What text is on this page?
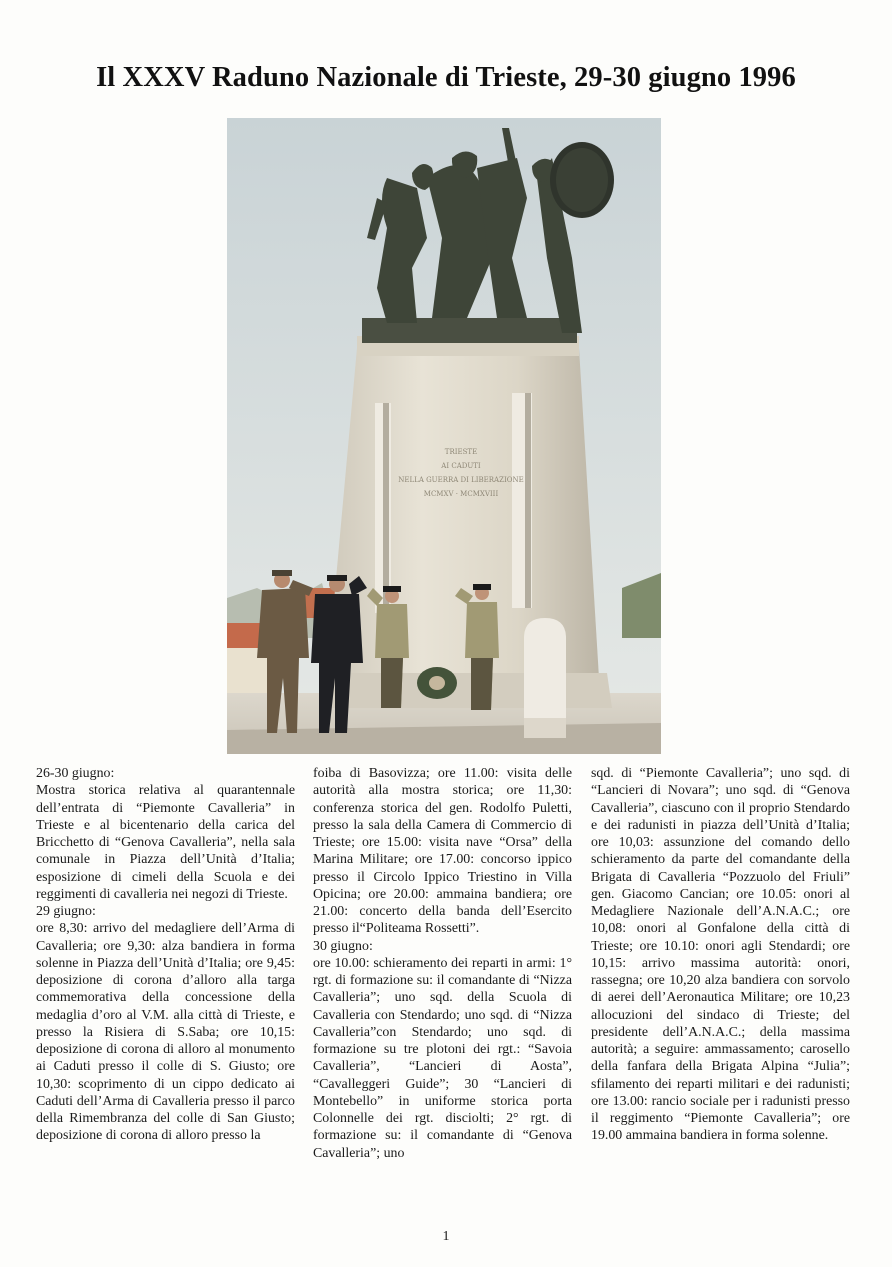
Il XXXV Raduno Nazionale di Trieste, 29-30 giugno 1996
TRIESTE
AI CADUTI
NELLA GUERRA DI LIBERAZIONE
MCMXV · MCMXVIII

26-30 giugno:

Mostra storica relativa al quarantennale dell’entrata di “Piemonte Cavalleria” in Trieste e al bicentenario della carica del Bricchetto di “Genova Cavalleria”, nella sala comunale in Piazza dell’Unità d’Italia; esposizione di cimeli della Scuola e dei reggimenti di cavalleria nei negozi di Trieste.

29 giugno:

ore 8,30: arrivo del medagliere dell’Arma di Cavalleria; ore 9,30: alza bandiera in forma solenne in Piazza dell’Unità d’Italia; ore 9,45: deposizione di corona d’alloro alla targa commemorativa della concessione della medaglia d’oro al V.M. alla città di Trieste, e presso la Risiera di S.Saba; ore 10,15: deposizione di corona di alloro al monumento ai Caduti presso il colle di S. Giusto; ore 10,30: scoprimento di un cippo dedicato ai Caduti dell’Arma di Cavalleria presso il parco della Rimembranza del colle di San Giusto; deposizione di corona di alloro presso la

foiba di Basovizza; ore 11.00: visita delle autorità alla mostra storica; ore 11,30: conferenza storica del gen. Rodolfo Puletti, presso la sala della Camera di Commercio di Trieste; ore 15.00: visita nave “Orsa” della Marina Militare; ore 17.00: concorso ippico presso il Circolo Ippico Triestino in Villa Opicina; ore 20.00: ammaina bandiera; ore 21.00: concerto della banda dell’Esercito presso il“Politeama Rossetti”.

30 giugno:

ore 10.00: schieramento dei reparti in armi: 1° rgt. di formazione su: il comandante di “Nizza Cavalleria”; uno sqd. della Scuola di Cavalleria con Stendardo; uno sqd. di “Nizza Cavalleria”con Stendardo; uno sqd. di formazione su tre plotoni dei rgt.: “Savoia Cavalleria”, “Lancieri di Aosta”, “Cavalleggeri Guide”; 30 “Lancieri di Montebello” in uniforme storica porta Colonnelle dei rgt. disciolti; 2° rgt. di formazione su: il comandante di “Genova Cavalleria”; uno

sqd. di “Piemonte Cavalleria”; uno sqd. di “Lancieri di Novara”; uno sqd. di “Genova Cavalleria”, ciascuno con il proprio Stendardo e dei radunisti in piazza dell’Unità d’Italia; ore 10,03: assunzione del comando dello schieramento da parte del comandante della Brigata di Cavalleria “Pozzuolo del Friuli” gen. Giacomo Cancian; ore 10.05: onori al Medagliere Nazionale dell’A.N.A.C.; ore 10,08: onori al Gonfalone della città di Trieste; ore 10.10: onori agli Stendardi; ore 10,15: arrivo massima autorità: onori, rassegna; ore 10,20 alza bandiera con sorvolo di aerei dell’Aeronautica Militare; ore 10,23 allocuzioni del sindaco di Trieste; del presidente dell’A.N.A.C.; della massima autorità; a seguire: ammassamento; carosello della fanfara della Brigata Alpina “Julia”; sfilamento dei reparti militari e dei radunisti; ore 13.00: rancio sociale per i radunisti presso il reggimento “Piemonte Cavalleria”; ore 19.00 ammaina bandiera in forma solenne.

1
